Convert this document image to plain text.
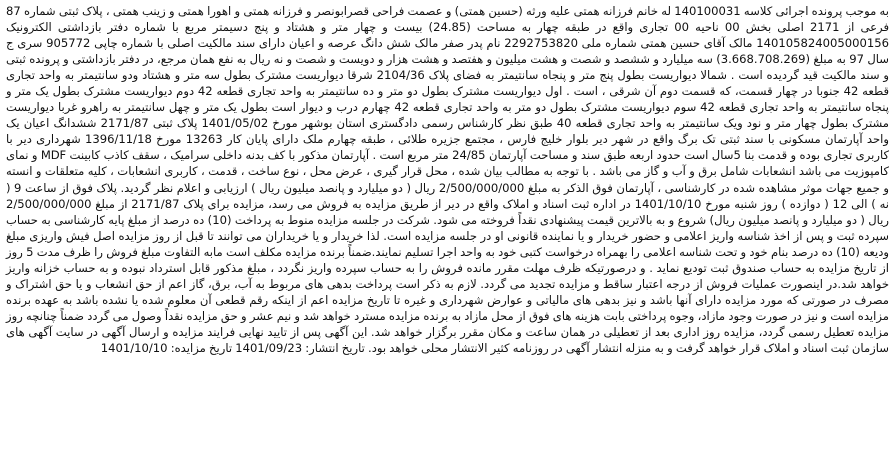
به موجب پرونده اجرائی کلاسه 140100031 له خانم فرزانه همتی علیه ورثه (حسین همتی) و عصمت فراحی قصرابونصر و فرزانه همتی و اهورا همتی و زینب همتی ، پلاک ثبتی شماره 87 فرعی از 2171 اصلی بخش 00 ناحیه 00 تجاری واقع در طبقه چهار به مساحت (24.85) بیست و چهار متر و هشتاد و پنج دسیمتر مربع با شماره دفتر بازداشتی الکترونیک 140105824005000156 مالک آقای حسین همتی شماره ملی 2292753820 نام پدر صفر مالک شش دانگ عرصه و اعیان دارای سند مالکیت اصلی با شماره چاپی 905772 سری ج سال 97 به مبلغ (3.668.708.269) سه میلیارد و ششصد و شصت و هشت میلیون و هفتصد و هشت هزار و دویست و شصت و نه ریال به نفع همان مرجع، در دفتر بازداشتی و پرونده ثبتی و سند مالکیت قید گردیده است . شمالا دیواریست بطول پنج متر و پنجاه سانتیمتر به فضای پلاک 2104/36 شرقا دیواریست مشترک بطول سه متر و هشتاد ودو سانتیمتر به واحد تجاری قطعه 42 جنوبا در چهار قسمت، که قسمت دوم آن شرقی ، است . اول دیواریست مشترک بطول دو متر و ده سانتیمتر به واحد تجاری قطعه 42 دوم دیواریست مشترک بطول یک متر و پنجاه سانتیمتر به واحد تجاری قطعه 42 سوم دیواریست مشترک بطول دو متر به واحد تجاری قطعه 42 چهارم درب و دیوار است بطول یک متر و چهل سانتیمتر به راهرو غربا دیواریست مشترک بطول چهار متر و نود ویک سانتیمتر به واحد تجاری قطعه 40 طبق نظر کارشناس رسمی دادگستری استان بوشهر مورخ 1401/05/02 پلاک ثبتی 2171/87 ششدانگ اعیان یک واحد آپارتمان مسکونی با سند ثبتی تک برگ واقع در شهر دیر بلوار خلیج فارس ، مجتمع جزیره طلائی ، طبقه چهارم ملک دارای پایان کار 13263 مورخ 1396/11/18 شهرداری دیر با کاربری تجاری بوده و قدمت بنا 5سال است حدود اربعه طبق سند و مساحت آپارتمان 24/85 متر مربع است . آپارتمان مذکور با کف بدنه داخلی سرامیک ، سقف کاذب کابینت MDF و نمای کامپوزیت می باشد انشعابات شامل برق و آب و گاز می باشد . با توجه به مطالب بیان شده ، محل قرار گیری ، عرض محل ، نوع ساخت ، قدمت ، کاربری انشعابات ، کلیه متعلقات و انسته و جمیع جهات موثر مشاهده شده در کارشناسی ، آپارتمان فوق الذکر به مبلغ 2/500/000/000 ریال ( دو میلیارد و پانصد میلیون ریال ) ارزیابی و اعلام نظر گردید. پلاک فوق از ساعت 9 ( نه ) الی 12 ( دوازده ) روز شنبه مورخ 1401/10/10 در اداره ثبت اسناد و املاک واقع در دیر از طریق مزایده به فروش می رسد، مزایده برای پلاک 2171/87 از مبلغ 2/500/000/000 ریال ( دو میلیارد و پانصد میلیون ریال) شروع و به بالاترین قیمت پیشنهادی نقداً فروخته می شود. شرکت در جلسه مزایده منوط به پرداخت (10) ده درصد از مبلغ پایه کارشناسی به حساب سپرده ثبت و پس از اخذ شناسه واریز اعلامی و حضور خریدار و یا نماینده قانونی او در جلسه مزایده است. لذا خریدار و یا خریداران می توانند تا قبل از روز مزایده اصل فیش واریزی مبلغ ودیعه (10) ده درصد بنام خود و تحت شناسه اعلامی را بهمراه درخواست کتبی خود به واحد اجرا تسلیم نمایند.ضمناً برنده مزایده مکلف است مابه التفاوت مبلغ فروش را ظرف مدت 5 روز از تاریخ مزایده به حساب صندوق ثبت تودیع نماید . و درصورتیکه ظرف مهلت مقرر مانده فروش را به حساب سپرده واریز نگردد ، مبلغ مذکور قابل استرداد نبوده و به حساب خزانه واریز خواهد شد.در اینصورت عملیات فروش از درجه اعتبار ساقط و مزایده تجدید می گردد. لازم به ذکر است پرداخت بدهی های مربوط به آب، برق، گاز اعم از حق انشعاب و یا حق اشتراک و مصرف در صورتی که مورد مزایده دارای آنها باشد و نیز بدهی های مالیاتی و عوارض شهرداری و غیره تا تاریخ مزایده اعم از اینکه رقم قطعی آن معلوم شده یا نشده باشد به عهده برنده مزایده است و نیز در صورت وجود مازاد، وجوه پرداختی بابت هزینه های فوق از محل مازاد به برنده مزایده مسترد خواهد شد و نیم عشر و حق مزایده نقداً وصول می گردد ضمناً چنانچه روز مزایده تعطیل رسمی گردد، مزایده روز اداری بعد از تعطیلی در همان ساعت و مکان مقرر برگزار خواهد شد. این آگهی پس از تایید نهایی فرایند مزایده و ارسال آگهی در سایت آگهی های سازمان ثبت اسناد و املاک قرار خواهد گرفت و به منزله انتشار آگهی در روزنامه کثیر الانتشار محلی خواهد بود. تاریخ انتشار: 1401/09/23 تاریخ مزایده: 1401/10/10
